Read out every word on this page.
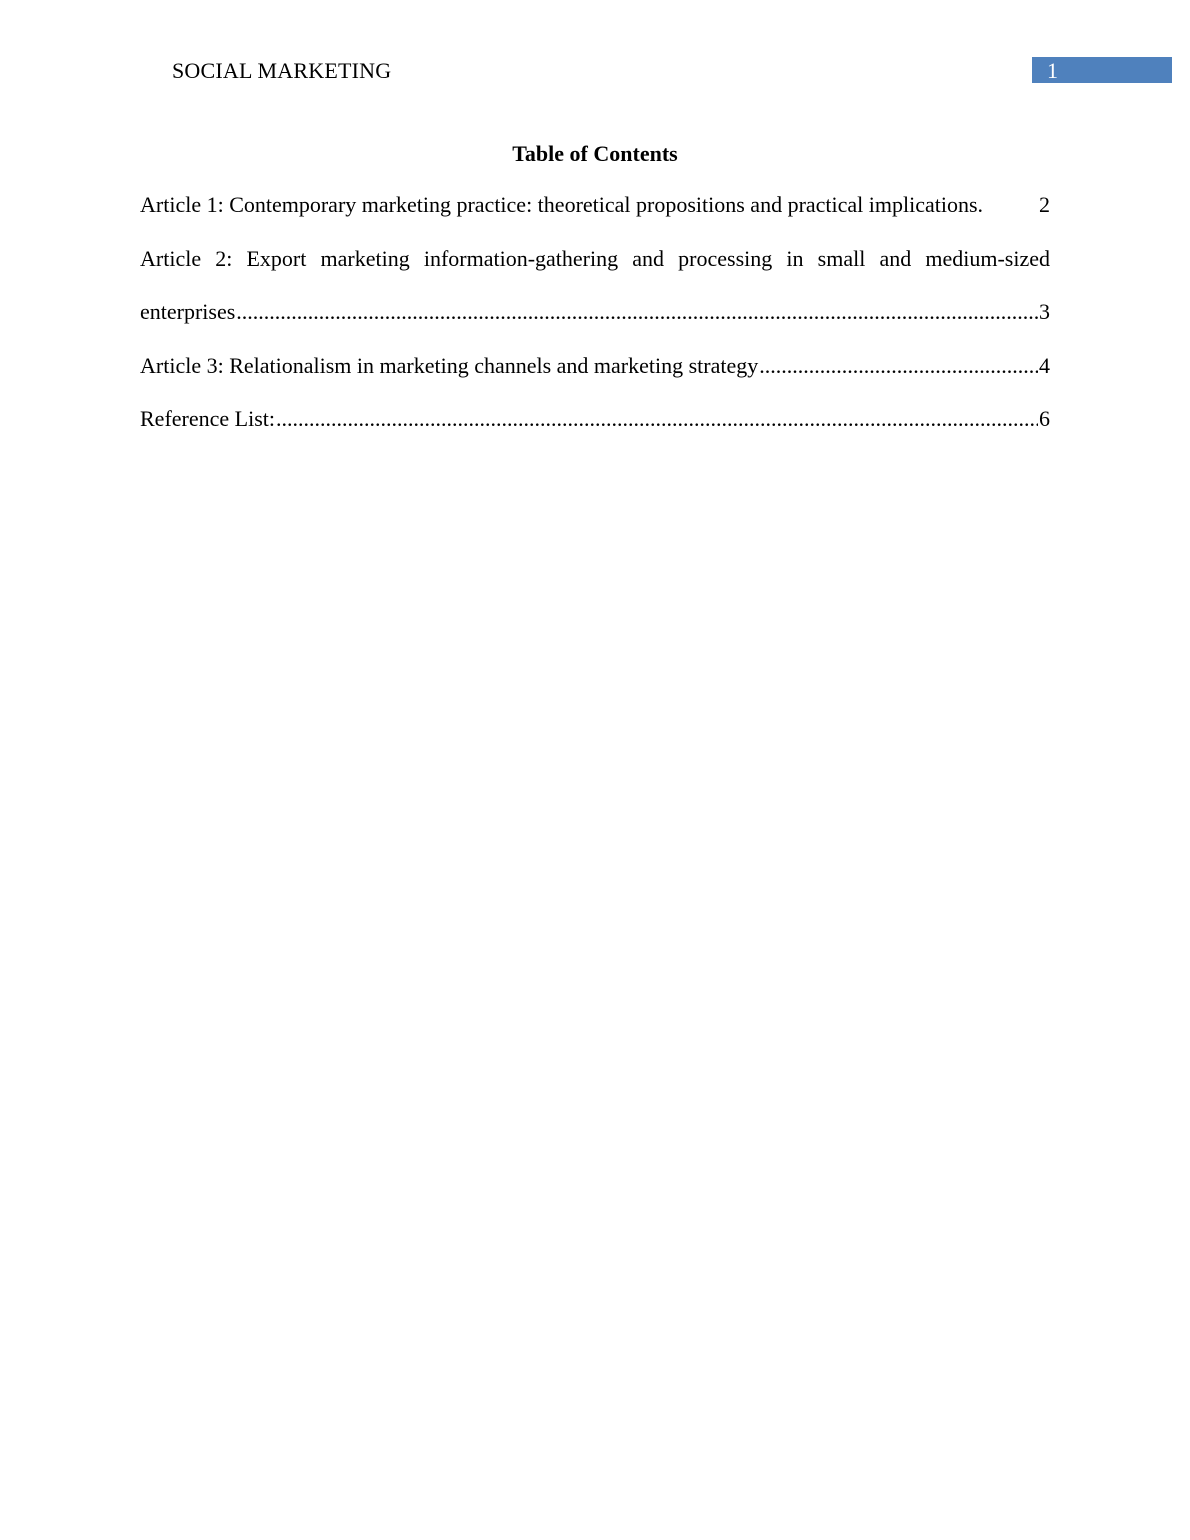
SOCIAL MARKETING	1
Table of Contents
Article 1: Contemporary marketing practice: theoretical propositions and practical implications.	2
Article 2: Export marketing information-gathering and processing in small and medium-sized
enterprises .....	3
Article 3: Relationalism in marketing channels and marketing strategy .....	4
Reference List: .....	6
